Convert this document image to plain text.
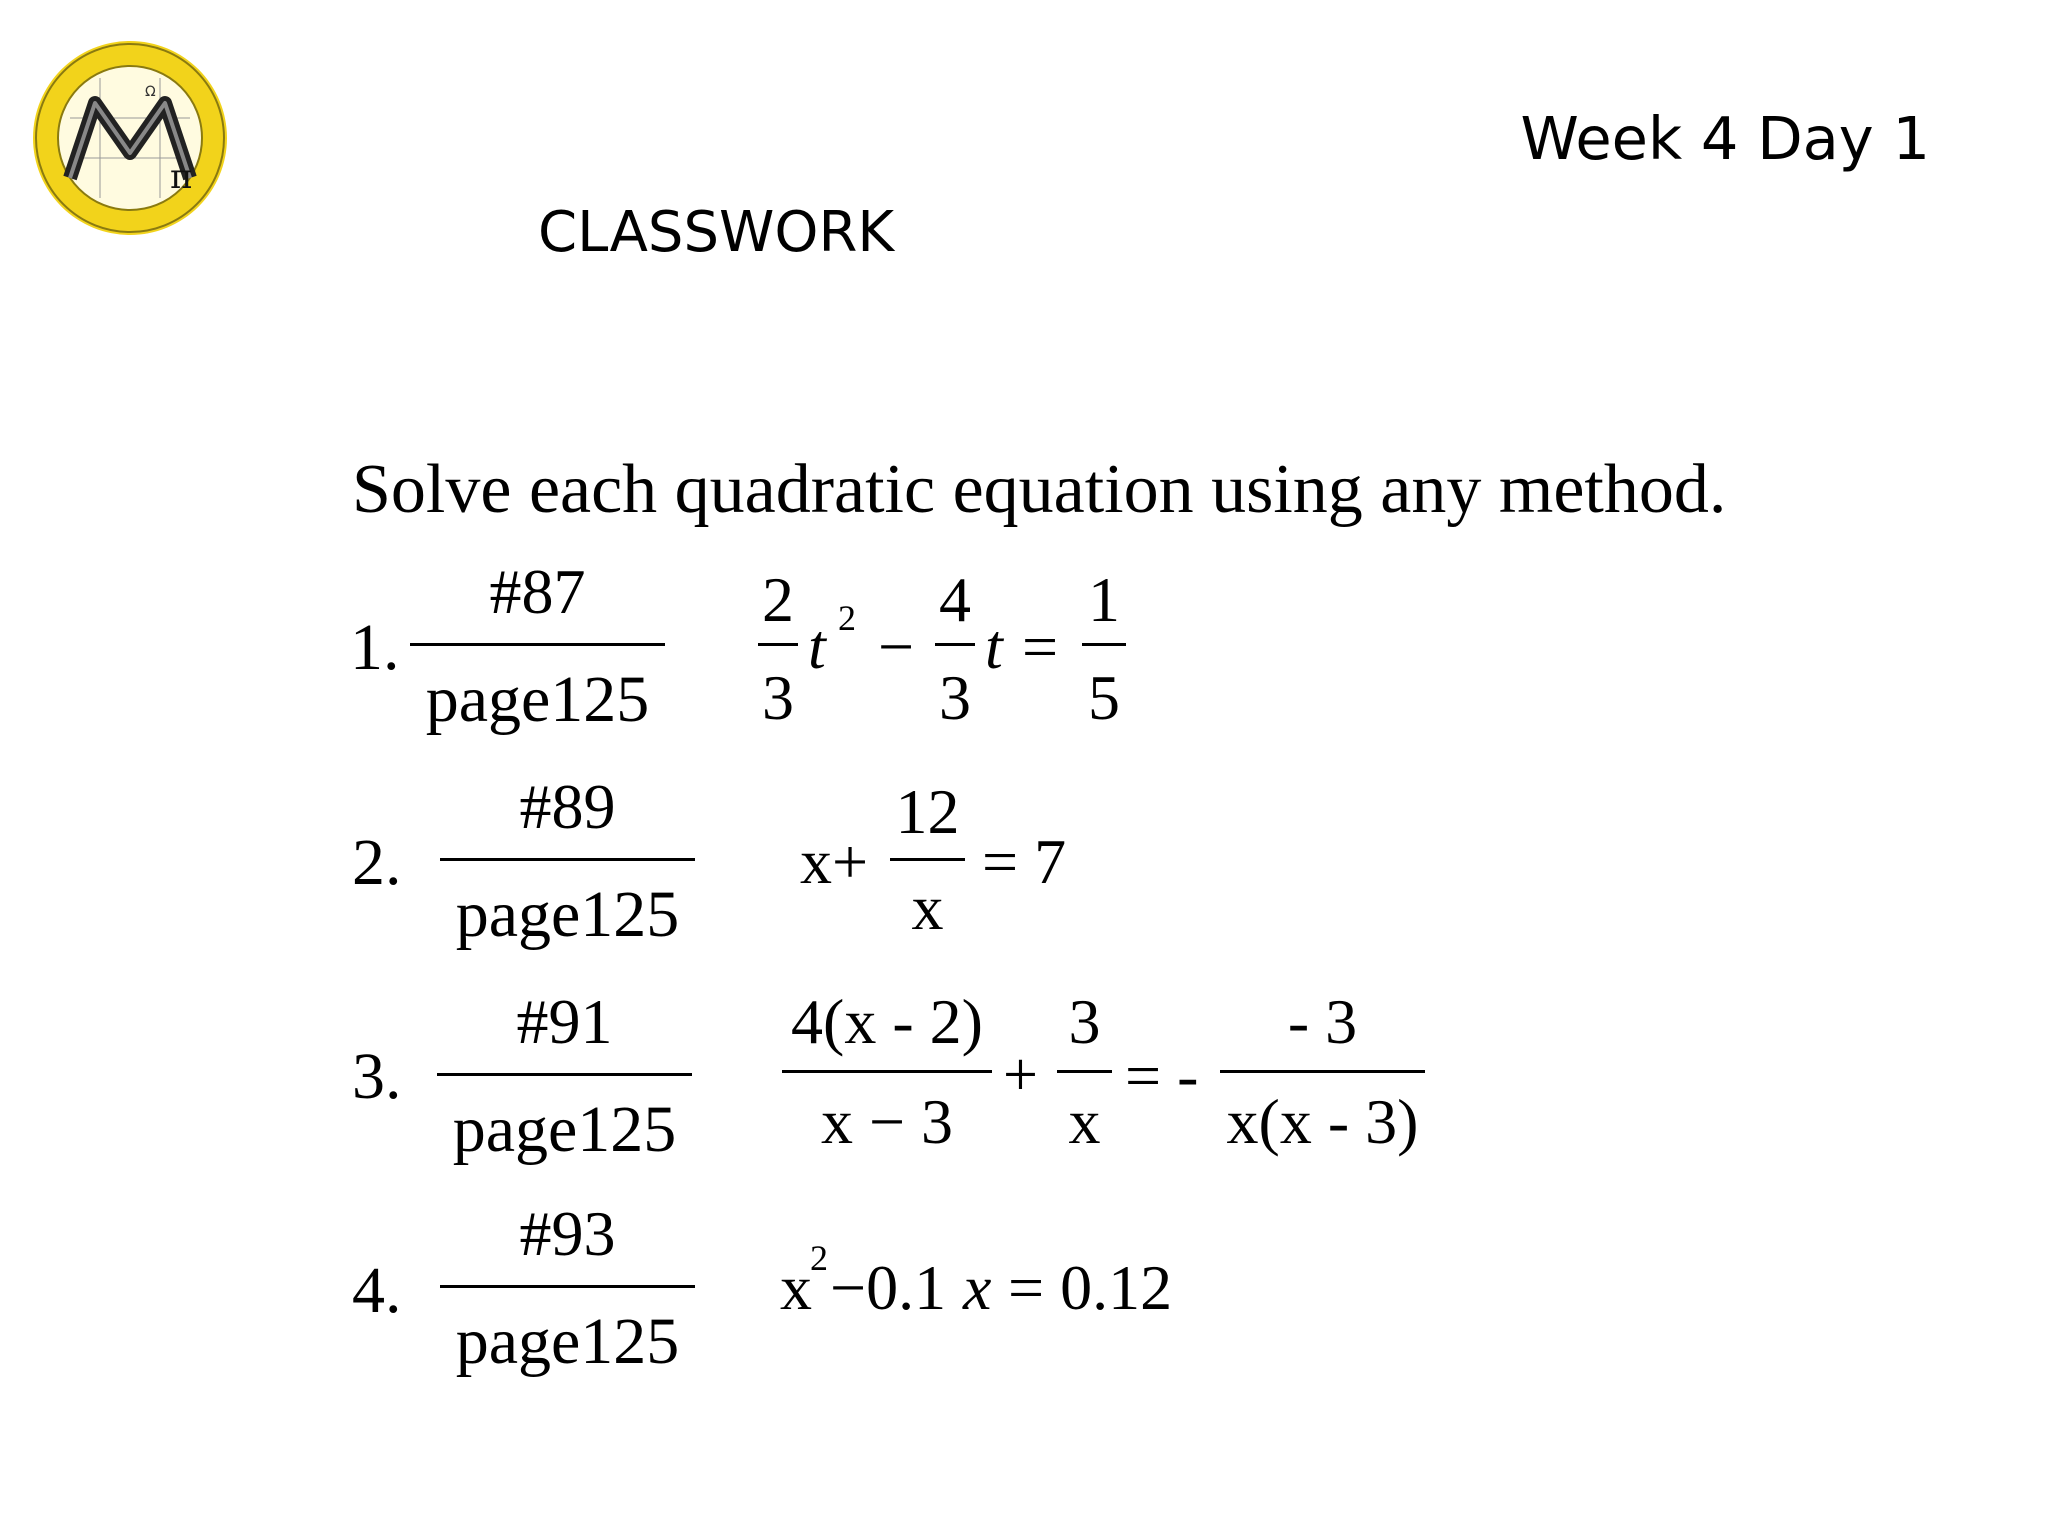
π
Ω
Week 4 Day 1
CLASSWORK
Solve each quadratic equation using any method.
1.
#87
page125
2
3
t 2 −
4
3
t =
1
5
2.
#89
page125
x+
12
x
= 7
3.
#91
page125
4(x - 2)
x − 3
+
3
x
= -
- 3
x(x - 3)
4.
#93
page125
x
2 −0.1 x = 0.12
